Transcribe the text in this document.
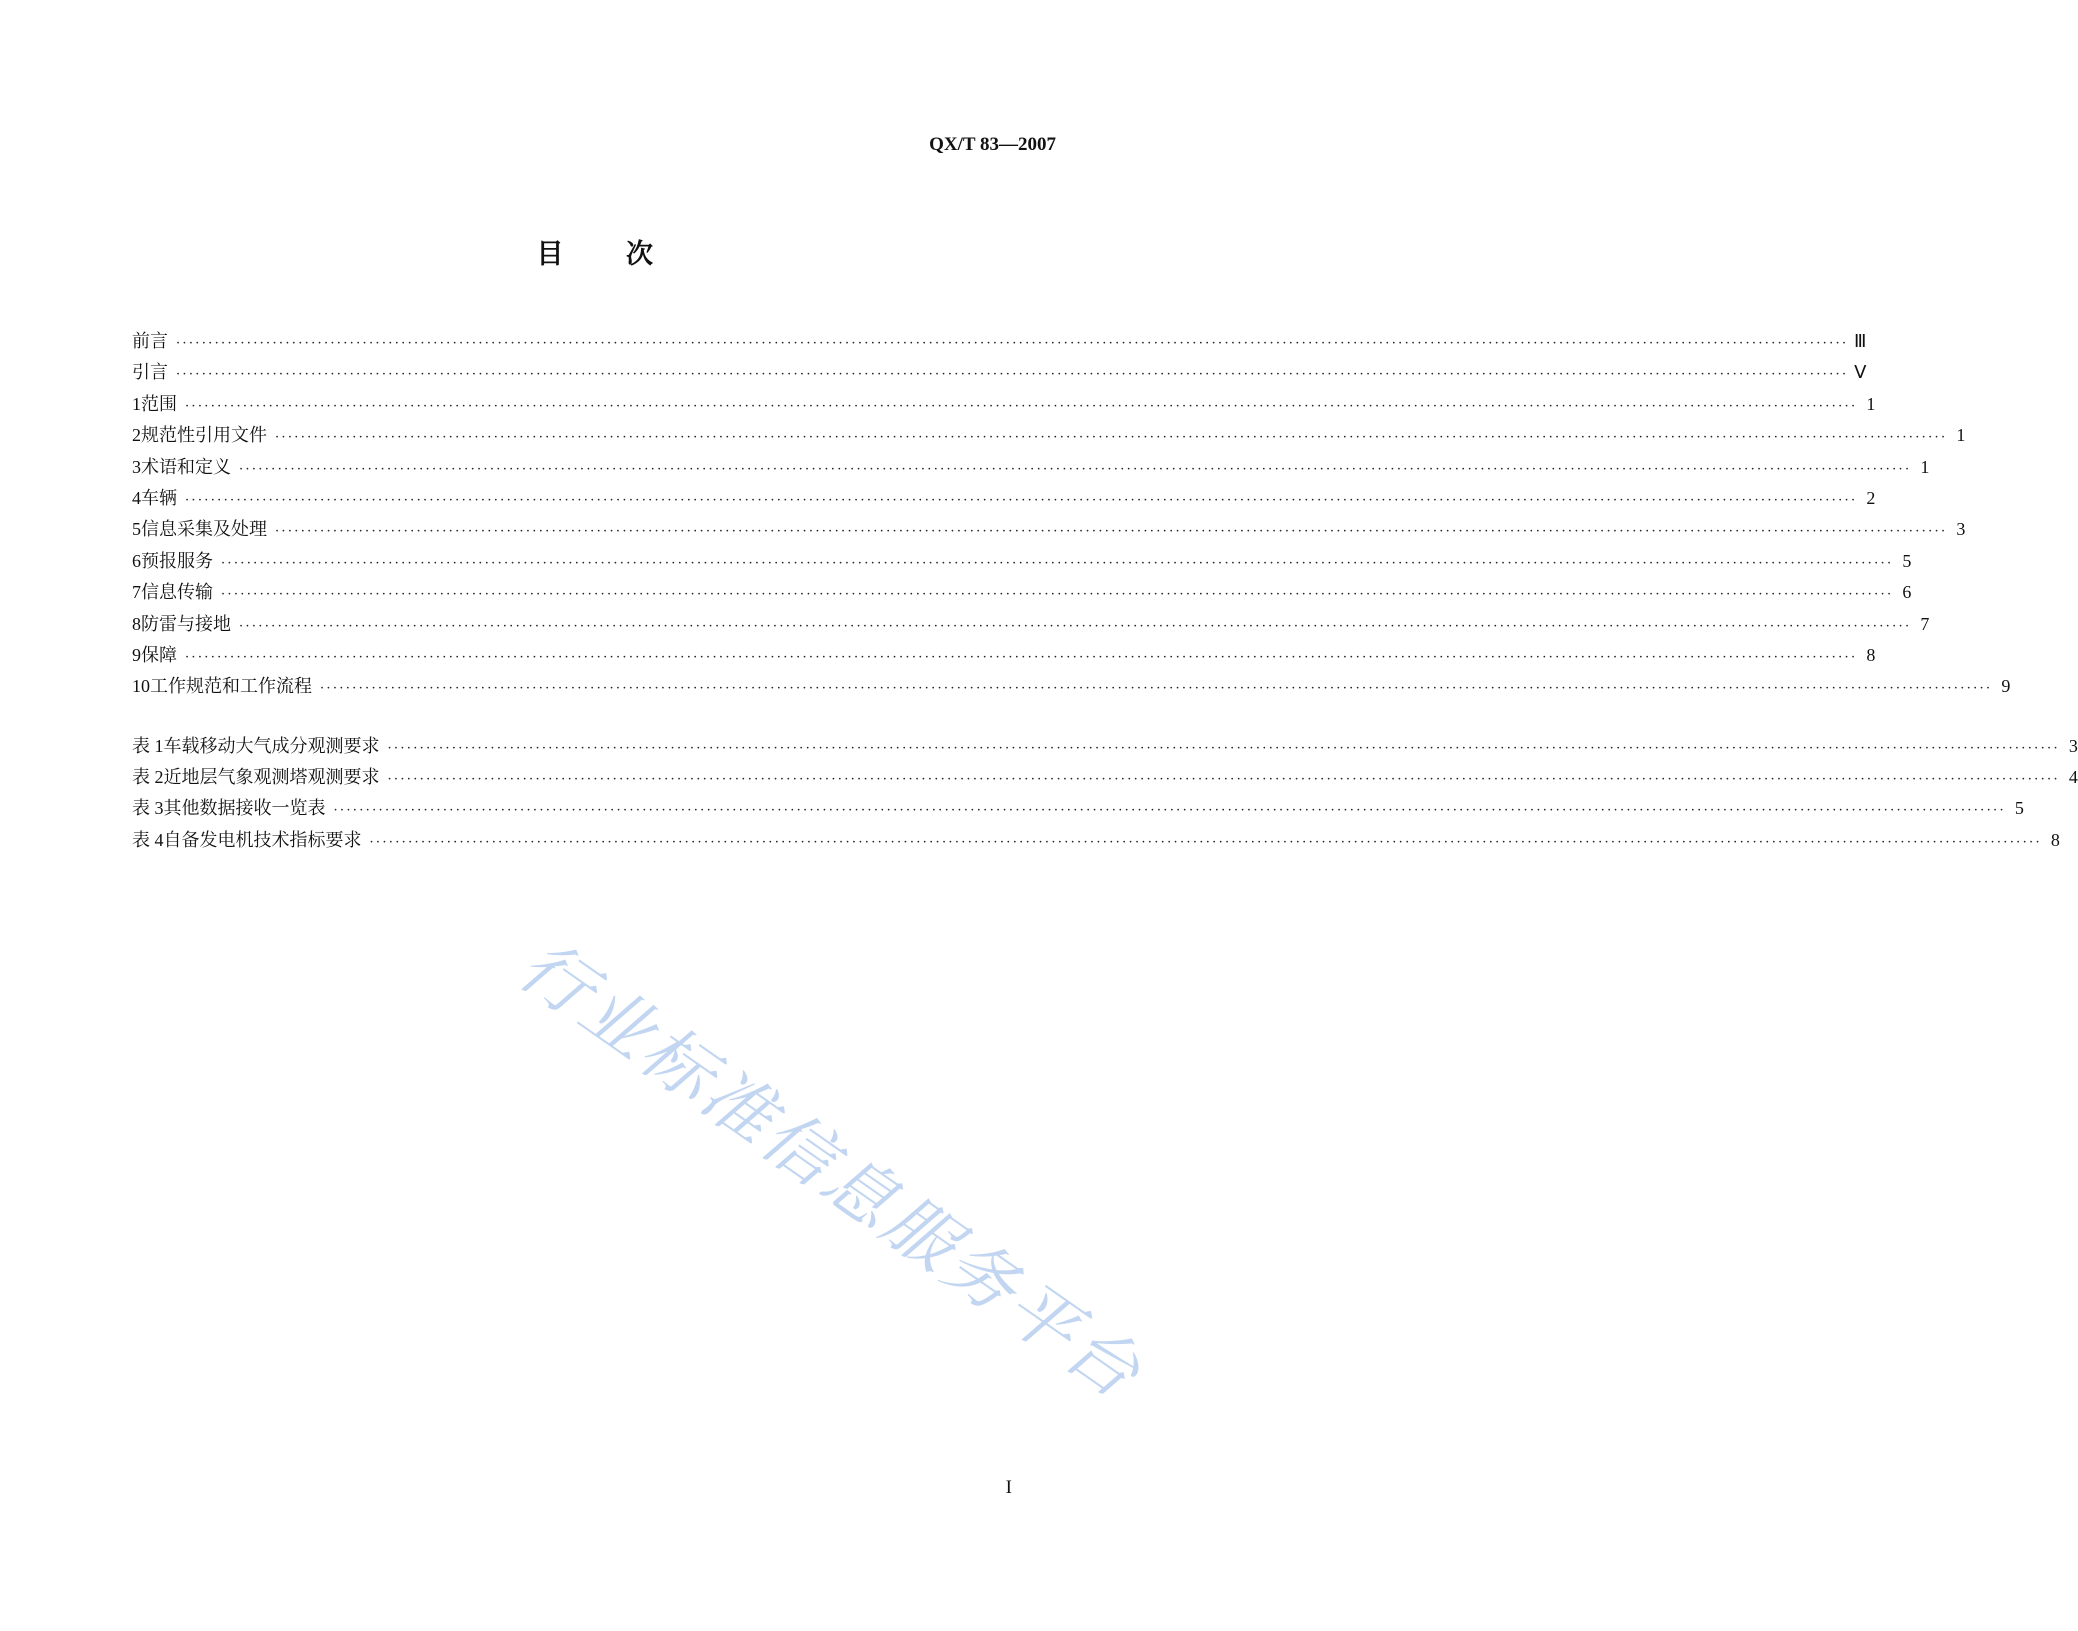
QX/T 83—2007
目 次
前言 ···································································································································································································································································· Ⅲ
引言 ···································································································································································································································································· Ⅴ
1 范围 ···································································································································································································································································· 1
2 规范性引用文件 ···································································································································································································································································· 1
3 术语和定义 ···································································································································································································································································· 1
4 车辆 ···································································································································································································································································· 2
5 信息采集及处理 ···································································································································································································································································· 3
6 预报服务 ···································································································································································································································································· 5
7 信息传输 ···································································································································································································································································· 6
8 防雷与接地 ···································································································································································································································································· 7
9 保障 ···································································································································································································································································· 8
10 工作规范和工作流程 ···································································································································································································································································· 9
表 1 车载移动大气成分观测要求 ···································································································································································································································································· 3
表 2 近地层气象观测塔观测要求 ···································································································································································································································································· 4
表 3 其他数据接收一览表 ···································································································································································································································································· 5
表 4 自备发电机技术指标要求 ···································································································································································································································································· 8
行业标准信息服务平台
I
